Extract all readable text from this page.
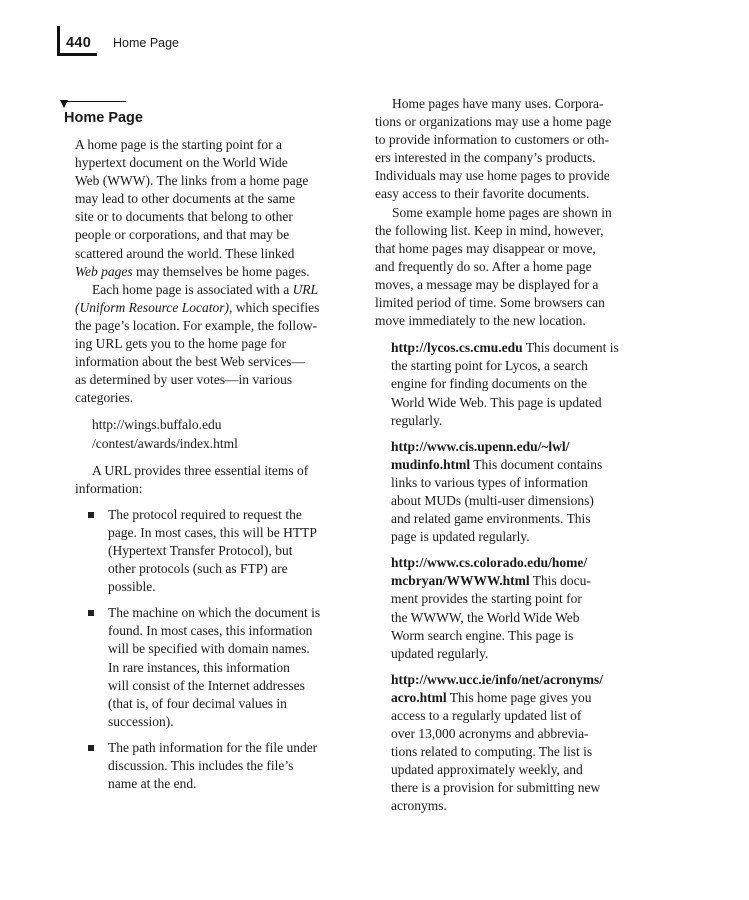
440 Home Page
Home Page

A home page is the starting point for a

hypertext document on the World Wide

Web (WWW). The links from a home page

may lead to other documents at the same

site or to documents that belong to other

people or corporations, and that may be

scattered around the world. These linked

Web pages may themselves be home pages.

Each home page is associated with a URL

(Uniform Resource Locator), which specifies

the page’s location. For example, the follow-

ing URL gets you to the home page for

information about the best Web services—

as determined by user votes—in various

categories.

http://wings.buffalo.edu

/contest/awards/index.html

A URL provides three essential items of

information:

The protocol required to request the
page. In most cases, this will be HTTP
(Hypertext Transfer Protocol), but
other protocols (such as FTP) are
possible.
The machine on which the document is
found. In most cases, this information
will be specified with domain names.
In rare instances, this information
will consist of the Internet addresses
(that is, of four decimal values in
succession).
The path information for the file under
discussion. This includes the file’s
name at the end.

Home pages have many uses. Corpora-

tions or organizations may use a home page

to provide information to customers or oth-

ers interested in the company’s products.

Individuals may use home pages to provide

easy access to their favorite documents.

Some example home pages are shown in

the following list. Keep in mind, however,

that home pages may disappear or move,

and frequently do so. After a home page

moves, a message may be displayed for a

limited period of time. Some browsers can

move immediately to the new location.

http://lycos.cs.cmu.edu This document is

the starting point for Lycos, a search

engine for finding documents on the

World Wide Web. This page is updated

regularly.

http://www.cis.upenn.edu/~lwl/

mudinfo.html This document contains

links to various types of information

about MUDs (multi-user dimensions)

and related game environments. This

page is updated regularly.

http://www.cs.colorado.edu/home/

mcbryan/WWWW.html This docu-

ment provides the starting point for

the WWWW, the World Wide Web

Worm search engine. This page is

updated regularly.

http://www.ucc.ie/info/net/acronyms/

acro.html This home page gives you

access to a regularly updated list of

over 13,000 acronyms and abbrevia-

tions related to computing. The list is

updated approximately weekly, and

there is a provision for submitting new

acronyms.
